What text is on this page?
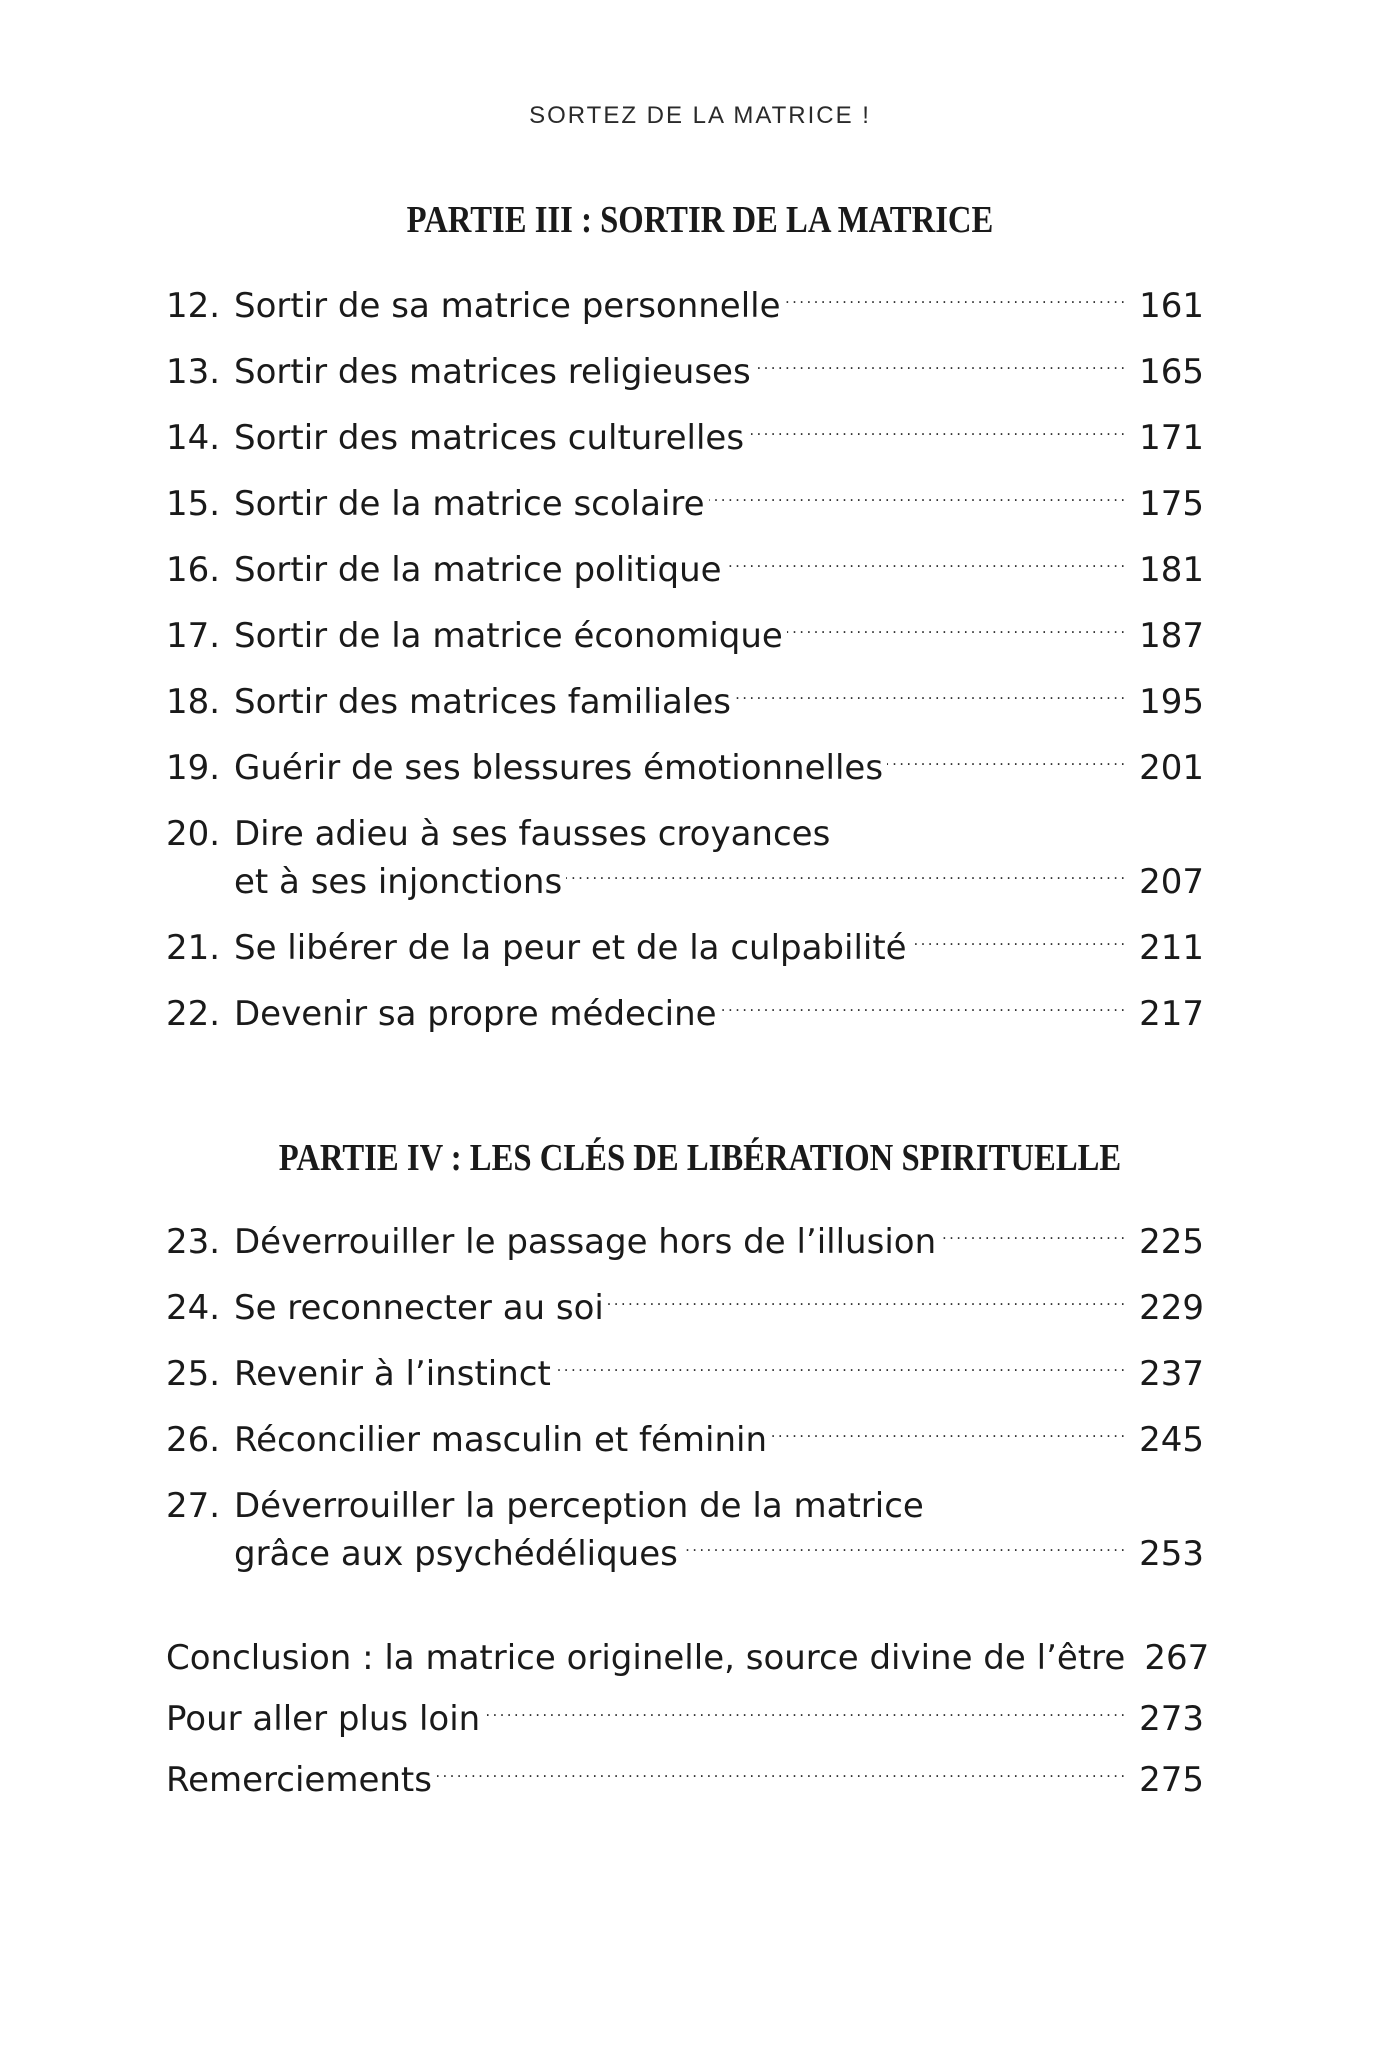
SORTEZ DE LA MATRICE !
PARTIE III : SORTIR DE LA MATRICE
12. Sortir de sa matrice personnelle . . .	161
13. Sortir des matrices religieuses . . .	165
14. Sortir des matrices culturelles . . .	171
15. Sortir de la matrice scolaire . . .	175
16. Sortir de la matrice politique . . .	181
17. Sortir de la matrice économique . . .	187
18. Sortir des matrices familiales . . .	195
19. Guérir de ses blessures émotionnelles . . .	201
20. Dire adieu à ses fausses croyances
et à ses injonctions . . .	207
21. Se libérer de la peur et de la culpabilité . . .	211
22. Devenir sa propre médecine . . .	217
PARTIE IV : LES CLÉS DE LIBÉRATION SPIRITUELLE
23. Déverrouiller le passage hors de l’illusion . . .	225
24. Se reconnecter au soi . . .	229
25. Revenir à l’instinct . . .	237
26. Réconcilier masculin et féminin . . .	245
27. Déverrouiller la perception de la matrice
grâce aux psychédéliques . . .	253
Conclusion : la matrice originelle, source divine de l’être 267
Pour aller plus loin . . .	273
Remerciements . . .	275
